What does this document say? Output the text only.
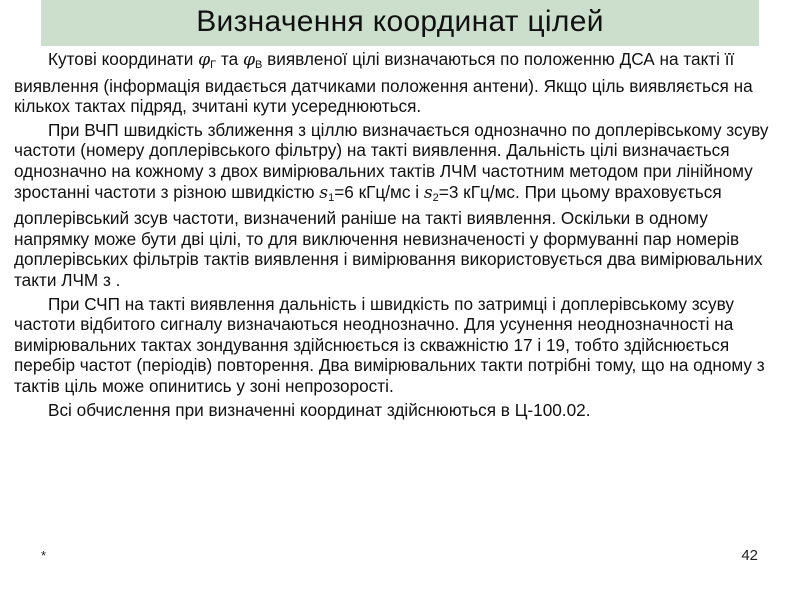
Визначення координат цілей

Кутові координати $\varphi_Г$ та $\varphi_В$ виявленої цілі визначаються по положенню ДСА на такті її виявлення (інформація видається датчиками положення антени). Якщо ціль виявляється на кількох тактах підряд, зчитані кути усереднюються.

При ВЧП швидкість зближення з ціллю визначається однозначно по доплерівському зсуву частоти (номеру доплерівського фільтру) на такті виявлення. Дальність цілі визначається однозначно на кожному з двох вимірювальних тактів ЛЧМ частотним методом при лінійному зростанні частоти з різною швидкістю $s_1=6$ кГц/мс і $s_2=3$ кГц/мс. При цьому враховується доплерівський зсув частоти, визначений раніше на такті виявлення. Оскільки в одному напрямку може бути дві цілі, то для виключення невизначеності у формуванні пар номерів доплерівських фільтрів тактів виявлення і вимірювання використовується два вимірювальних такти ЛЧМ з .

При СЧП на такті виявлення дальність і швидкість по затримці і доплерівському зсуву частоти відбитого сигналу визначаються неоднозначно. Для усунення неоднозначності на вимірювальних тактах зондування здійснюється із скважністю 17 і 19, тобто здійснюється перебір частот (періодів) повторення. Два вимірювальних такти потрібні тому, що на одному з тактів ціль може опинитись у зоні непрозорості.

Всі обчислення при визначенні координат здійснюються в Ц-100.02.

*	42
